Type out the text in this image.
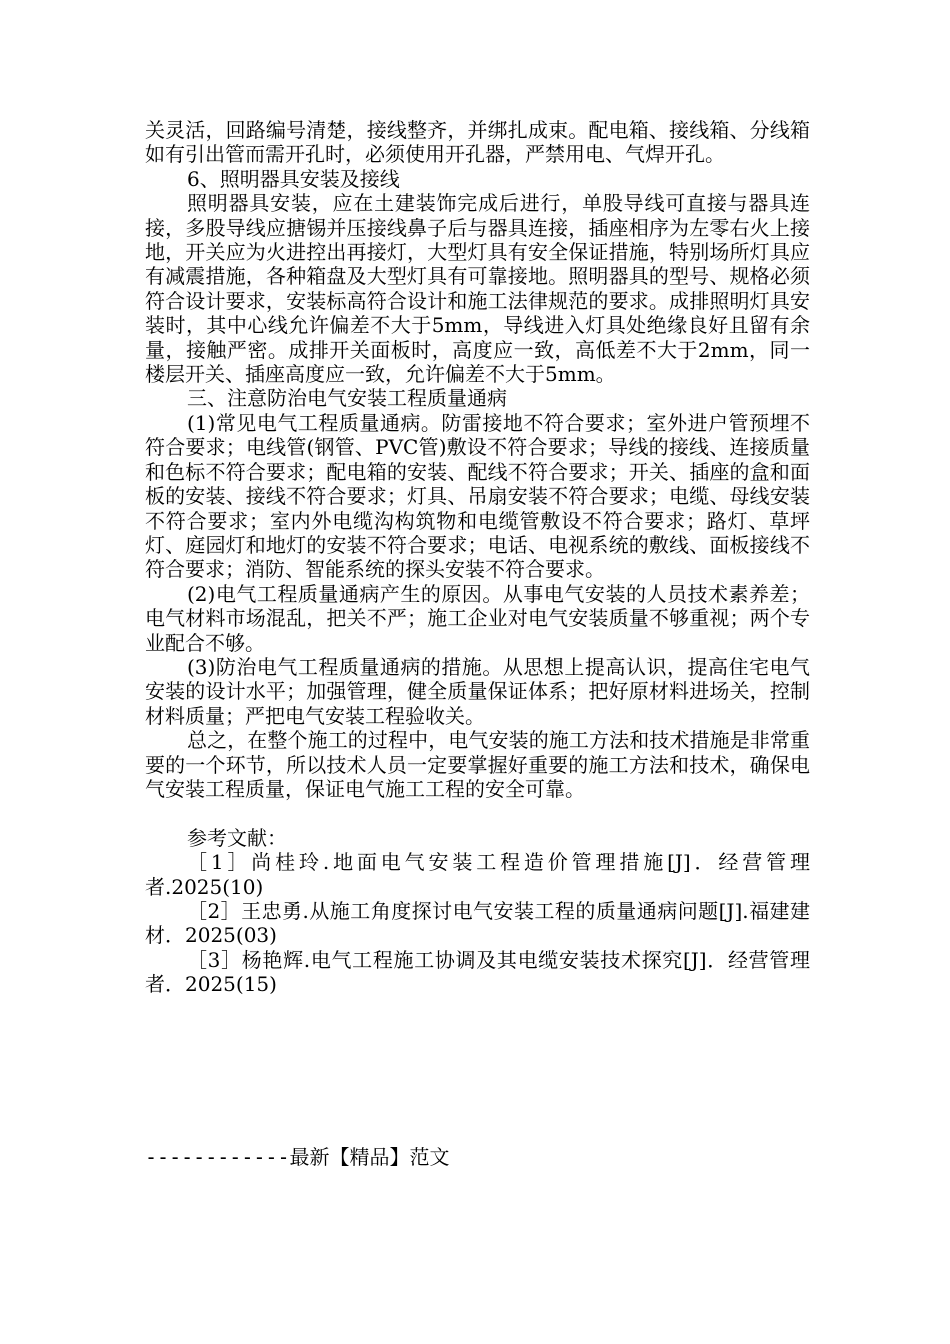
关灵活，回路编号清楚，接线整齐，并绑扎成束。配电箱、接线箱、分线箱如有引出管而需开孔时，必须使用开孔器，严禁用电、气焊开孔。

6、照明器具安装及接线

照明器具安装，应在土建装饰完成后进行，单股导线可直接与器具连接，多股导线应搪锡并压接线鼻子后与器具连接，插座相序为左零右火上接地，开关应为火进控出再接灯，大型灯具有安全保证措施，特别场所灯具应有减震措施，各种箱盘及大型灯具有可靠接地。照明器具的型号、规格必须符合设计要求，安装标高符合设计和施工法律规范的要求。成排照明灯具安装时，其中心线允许偏差不大于5mm，导线进入灯具处绝缘良好且留有余量，接触严密。成排开关面板时，高度应一致，高低差不大于2mm，同一楼层开关、插座高度应一致，允许偏差不大于5mm。

三、注意防治电气安装工程质量通病

(1)常见电气工程质量通病。防雷接地不符合要求；室外进户管预埋不符合要求；电线管(钢管、PVC管)敷设不符合要求；导线的接线、连接质量和色标不符合要求；配电箱的安装、配线不符合要求；开关、插座的盒和面板的安装、接线不符合要求；灯具、吊扇安装不符合要求；电缆、母线安装不符合要求；室内外电缆沟构筑物和电缆管敷设不符合要求；路灯、草坪灯、庭园灯和地灯的安装不符合要求；电话、电视系统的敷线、面板接线不符合要求；消防、智能系统的探头安装不符合要求。

(2)电气工程质量通病产生的原因。从事电气安装的人员技术素养差；电气材料市场混乱，把关不严；施工企业对电气安装质量不够重视；两个专业配合不够。

(3)防治电气工程质量通病的措施。从思想上提高认识，提高住宅电气安装的设计水平；加强管理，健全质量保证体系；把好原材料进场关，控制材料质量；严把电气安装工程验收关。

总之，在整个施工的过程中，电气安装的施工方法和技术措施是非常重要的一个环节，所以技术人员一定要掌握好重要的施工方法和技术，确保电气安装工程质量，保证电气施工工程的安全可靠。

参考文献：

［1］尚桂玲.地面电气安装工程造价管理措施[J]．经营管理者.2025(10)

［2］王忠勇.从施工角度探讨电气安装工程的质量通病问题[J].福建建材．2025(03)

［3］杨艳辉.电气工程施工协调及其电缆安装技术探究[J]．经营管理者．2025(15)

------------最新【精品】范文
